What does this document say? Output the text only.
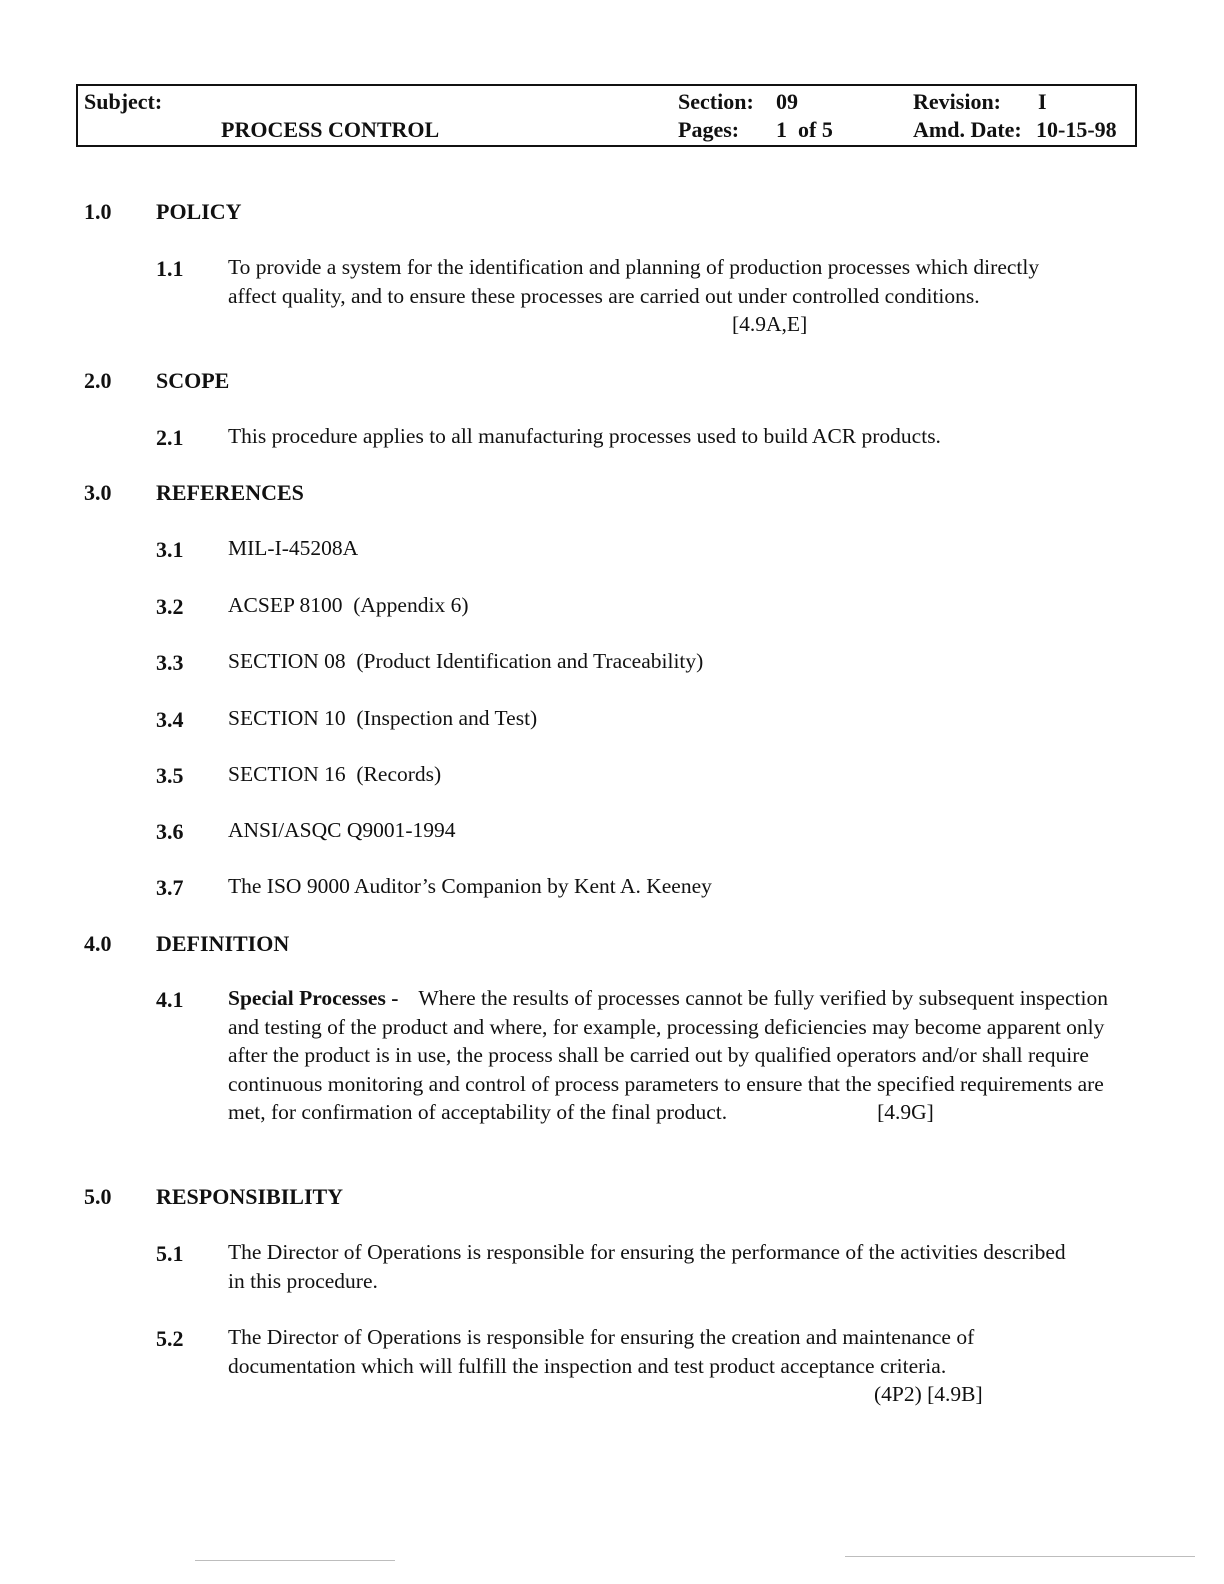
Subject:
PROCESS CONTROL
Section: 09
Pages: 1  of 5
Revision: I
Amd. Date: 10-15-98
1.0 POLICY
1.1 To provide a system for the identification and planning of production processes which directly affect quality, and to ensure these processes are carried out under controlled conditions.
[4.9A,E]
2.0 SCOPE
2.1 This procedure applies to all manufacturing processes used to build ACR products.
3.0 REFERENCES
3.1 MIL-I-45208A
3.2 ACSEP 8100  (Appendix 6)
3.3 SECTION 08  (Product Identification and Traceability)
3.4 SECTION 10  (Inspection and Test)
3.5 SECTION 16  (Records)
3.6 ANSI/ASQC Q9001-1994
3.7 The ISO 9000 Auditor’s Companion by Kent A. Keeney
4.0 DEFINITION
4.1 Special Processes - Where the results of processes cannot be fully verified by subsequent inspection and testing of the product and where, for example, processing deficiencies may become apparent only after the product is in use, the process shall be carried out by qualified operators and/or shall require continuous monitoring and control of process parameters to ensure that the specified requirements are met, for confirmation of acceptability of the final product.	[4.9G]
5.0 RESPONSIBILITY
5.1 The Director of Operations is responsible for ensuring the performance of the activities described in this procedure.
5.2 The Director of Operations is responsible for ensuring the creation and maintenance of documentation which will fulfill the inspection and test product acceptance criteria.
(4P2) [4.9B]
